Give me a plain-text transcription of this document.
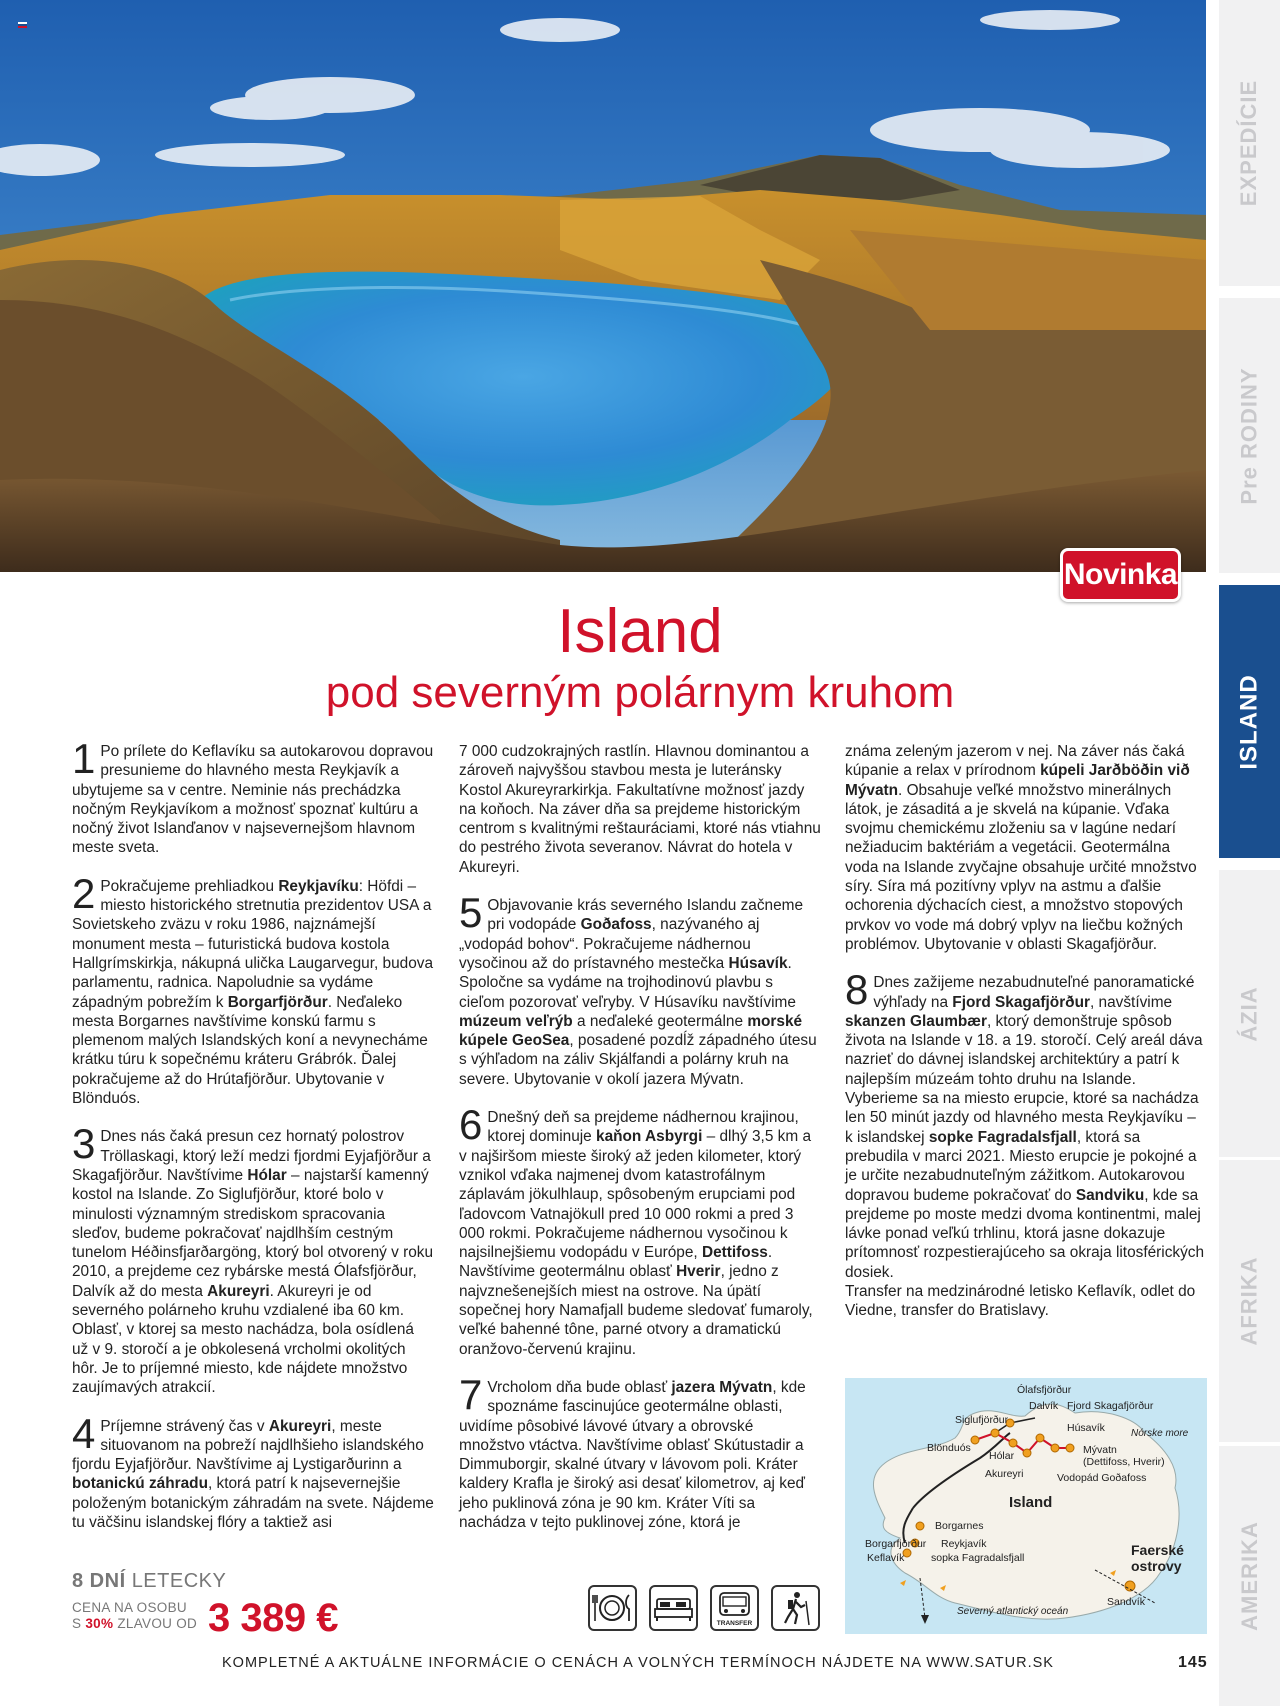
Novinka
EXPEDÍCIE
Pre RODINY
ISLAND
ÁZIA
AFRIKA
AMERIKA
Island
pod severným polárnym kruhom
1 Po prílete do Keflavíku sa autokarovou dopravou presunieme do hlavného mesta Reykjavík a ubytujeme sa v centre. Neminie nás prechádzka nočným Reykjavíkom a možnosť spoznať kultúru a nočný život Islanďanov v najsevernejšom hlavnom meste sveta.
2 Pokračujeme prehliadkou Reykjavíku: Höfdi – miesto historického stretnutia prezidentov USA a Sovietskeho zväzu v roku 1986, najznámejší monument mesta – futuristická budova kostola Hallgrímskirkja, nákupná ulička Laugarvegur, budova parlamentu, radnica. Napoludnie sa vydáme západným pobrežím k Borgarfjörður. Neďaleko mesta Borgarnes navštívime konskú farmu s plemenom malých Islandských koní a nevynecháme krátku túru k sopečnému kráteru Grábrók. Ďalej pokračujeme až do Hrútafjörður. Ubytovanie v Blönduós.
3 Dnes nás čaká presun cez hornatý polostrov Tröllaskagi, ktorý leží medzi fjordmi Eyjafjörður a Skagafjörður. Navštívime Hólar – najstarší kamenný kostol na Islande. Zo Siglufjörður, ktoré bolo v minulosti významným strediskom spracovania sleďov, budeme pokračovať najdlhším cestným tunelom Héðinsfjarðargöng, ktorý bol otvorený v roku 2010, a prejdeme cez rybárske mestá Ólafsfjörður, Dalvík až do mesta Akureyri. Akureyri je od severného polárneho kruhu vzdialené iba 60 km. Oblasť, v ktorej sa mesto nachádza, bola osídlená už v 9. storočí a je obkolesená vrcholmi okolitých hôr. Je to príjemné miesto, kde nájdete množstvo zaujímavých atrakcií.
4 Príjemne strávený čas v Akureyri, meste situovanom na pobreží najdlhšieho islandského fjordu Eyjafjörður. Navštívime aj Lystigarðurinn a botanickú záhradu, ktorá patrí k najsevernejšie položeným botanickým záhradám na svete. Nájdeme tu väčšinu islandskej flóry a taktiež asi
7 000 cudzokrajných rastlín. Hlavnou dominantou a zároveň najvyššou stavbou mesta je luteránsky Kostol Akureyrarkirkja. Fakultatívne možnosť jazdy na koňoch. Na záver dňa sa prejdeme historickým centrom s kvalitnými reštauráciami, ktoré nás vtiahnu do pestrého života severanov. Návrat do hotela v Akureyri.
5 Objavovanie krás severného Islandu začneme pri vodopáde Goðafoss, nazývaného aj „vodopád bohov“. Pokračujeme nádhernou vysočinou až do prístavného mestečka Húsavík. Spoločne sa vydáme na trojhodinovú plavbu s cieľom pozorovať veľryby. V Húsavíku navštívime múzeum veľrýb a neďaleké geotermálne morské kúpele GeoSea, posadené pozdĺž západného útesu s výhľadom na záliv Skjálfandi a polárny kruh na severe. Ubytovanie v okolí jazera Mývatn.
6 Dnešný deň sa prejdeme nádhernou krajinou, ktorej dominuje kaňon Asbyrgi – dlhý 3,5 km a v najširšom mieste široký až jeden kilometer, ktorý vznikol vďaka najmenej dvom katastrofálnym záplavám jökulhlaup, spôsobeným erupciami pod ľadovcom Vatnajökull pred 10 000 rokmi a pred 3 000 rokmi. Pokračujeme nádhernou vysočinou k najsilnejšiemu vodopádu v Európe, Dettifoss. Navštívime geotermálnu oblasť Hverir, jedno z najvznešenejších miest na ostrove. Na úpätí sopečnej hory Namafjall budeme sledovať fumaroly, veľké bahenné tône, parné otvory a dramatickú oranžovo-červenú krajinu.
7 Vrcholom dňa bude oblasť jazera Mývatn, kde spoznáme fascinujúce geotermálne oblasti, uvidíme pôsobivé lávové útvary a obrovské množstvo vtáctva. Navštívime oblasť Skútustadir a Dimmuborgir, skalné útvary v lávovom poli. Kráter kaldery Krafla je široký asi desať kilometrov, aj keď jeho puklinová zóna je 90 km. Kráter Víti sa nachádza v tejto puklinovej zóne, ktorá je
známa zeleným jazerom v nej. Na záver nás čaká kúpanie a relax v prírodnom kúpeli Jarðböðin við Mývatn. Obsahuje veľké množstvo minerálnych látok, je zásaditá a je skvelá na kúpanie. Vďaka svojmu chemickému zloženiu sa v lagúne nedarí nežiaducim baktériám a vegetácii. Geotermálna voda na Islande zvyčajne obsahuje určité množstvo síry. Síra má pozitívny vplyv na astmu a ďalšie ochorenia dýchacích ciest, a množstvo stopových prvkov vo vode má dobrý vplyv na liečbu kožných problémov. Ubytovanie v oblasti Skagafjörður.
8 Dnes zažijeme nezabudnuteľné panoramatické výhľady na Fjord Skagafjörður, navštívime skanzen Glaumbær, ktorý demonštruje spôsob života na Islande v 18. a 19. storočí. Celý areál dáva nazrieť do dávnej islandskej architektúry a patrí k najlepším múzeám tohto druhu na Islande. Vyberieme sa na miesto erupcie, ktoré sa nachádza len 50 minút jazdy od hlavného mesta Reykjavíku – k islandskej sopke Fagradalsfjall, ktorá sa prebudila v marci 2021. Miesto erupcie je pokojné a je určite nezabudnuteľným zážitkom. Autokarovou dopravou budeme pokračovať do Sandviku, kde sa prejdeme po moste medzi dvoma kontinentmi, malej lávke ponad veľkú trhlinu, ktorá jasne dokazuje prítomnosť rozpestierajúceho sa okraja litosférických dosiek.
Transfer na medzinárodné letisko Keflavík, odlet do Viedne, transfer do Bratislavy.
Ólafsfjörður
Dalvík Fjord Skagafjörður
Siglufjörður
Húsavík	Nórske more
Blönduós
Hólar	Mývatn
(Dettifoss, Hverir)
Akureyri	Vodopád Goðafoss
Island
Borgarnes
Borgarfjörður Reykjavík
Keflavík	sopka Fagradalsfjall	Faerské
ostrovy
Sandvík
Severný atlantický oceán
8 DNÍ LETECKY
CENA NA OSOBU
S 30% ZLAVOU OD 3 389 €	TRANSFER
KOMPLETNÉ A AKTUÁLNE INFORMÁCIE O CENÁCH A VOLNÝCH TERMÍNOCH NÁJDETE NA WWW.SATUR.SK	145
